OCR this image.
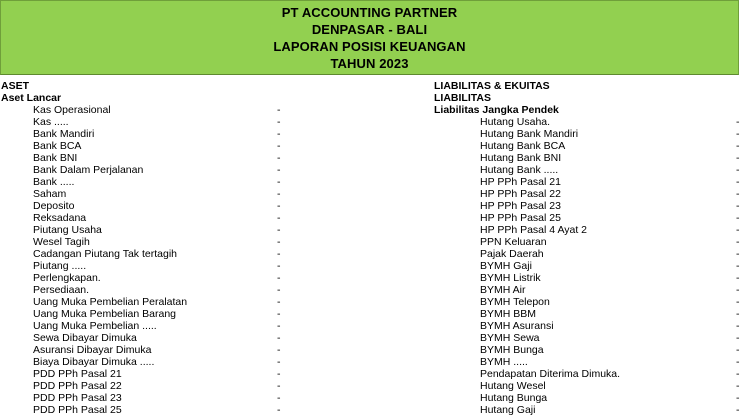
PT ACCOUNTING PARTNER
DENPASAR - BALI
LAPORAN POSISI KEUANGAN
TAHUN 2023
ASET
Aset Lancar
Kas Operasional	-
Kas .....	-
Bank Mandiri	-
Bank BCA	-
Bank BNI	-
Bank Dalam Perjalanan	-
Bank .....	-
Saham	-
Deposito	-
Reksadana	-
Piutang Usaha	-
Wesel Tagih	-
Cadangan Piutang Tak tertagih	-
Piutang .....	-
Perlengkapan.	-
Persediaan.	-
Uang Muka Pembelian Peralatan	-
Uang Muka Pembelian Barang	-
Uang Muka Pembelian .....	-
Sewa Dibayar Dimuka	-
Asuransi Dibayar Dimuka	-
Biaya Dibayar Dimuka .....	-
PDD PPh Pasal 21	-
PDD PPh Pasal 22	-
PDD PPh Pasal 23	-
PDD PPh Pasal 25	-
LIABILITAS & EKUITAS
LIABILITAS
Liabilitas Jangka Pendek
Hutang Usaha.	-
Hutang Bank Mandiri	-
Hutang Bank BCA	-
Hutang Bank BNI	-
Hutang Bank .....	-
HP PPh Pasal 21	-
HP PPh Pasal 22	-
HP PPh Pasal 23	-
HP PPh Pasal 25	-
HP PPh Pasal 4 Ayat 2	-
PPN Keluaran	-
Pajak Daerah	-
BYMH Gaji	-
BYMH Listrik	-
BYMH Air	-
BYMH Telepon	-
BYMH BBM	-
BYMH Asuransi	-
BYMH Sewa	-
BYMH Bunga	-
BYMH .....	-
Pendapatan Diterima Dimuka.	-
Hutang Wesel	-
Hutang Bunga	-
Hutang Gaji	-
